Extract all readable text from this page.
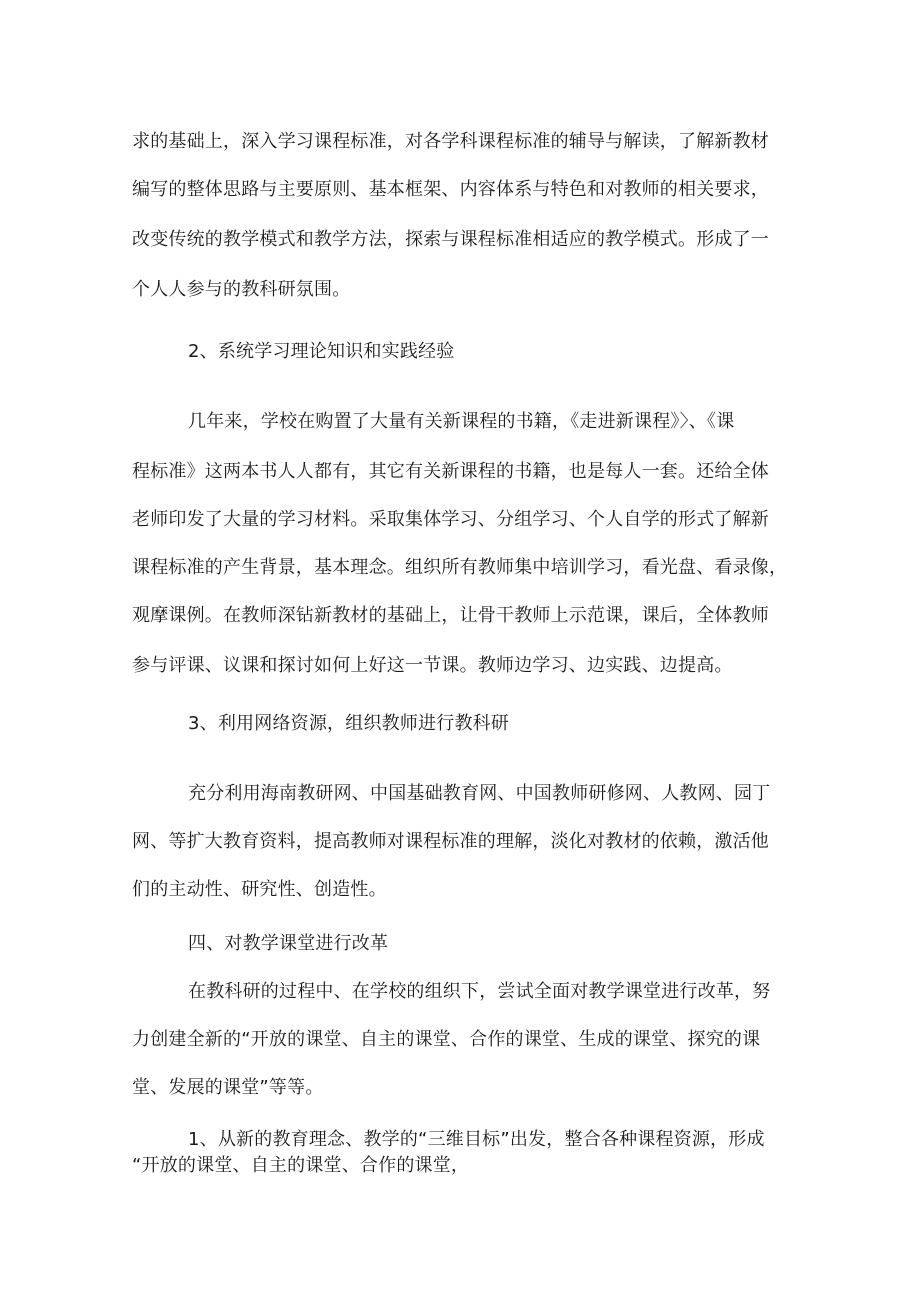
求的基础上，深入学习课程标准，对各学科课程标准的辅导与解读，了解新教材
编写的整体思路与主要原则、基本框架、内容体系与特色和对教师的相关要求，
改变传统的教学模式和教学方法，探索与课程标准相适应的教学模式。形成了一
个人人参与的教科研氛围。
2、系统学习理论知识和实践经验
几年来，学校在购置了大量有关新课程的书籍，《走进新课程》〉、《课
程标准》这两本书人人都有，其它有关新课程的书籍，也是每人一套。还给全体
老师印发了大量的学习材料。采取集体学习、分组学习、个人自学的形式了解新
课程标准的产生背景，基本理念。组织所有教师集中培训学习，看光盘、看录像，
观摩课例。在教师深钻新教材的基础上，让骨干教师上示范课，课后，全体教师
参与评课、议课和探讨如何上好这一节课。教师边学习、边实践、边提高。
3、利用网络资源，组织教师进行教科研
充分利用海南教研网、中国基础教育网、中国教师研修网、人教网、园丁
网、等扩大教育资料，提高教师对课程标准的理解，淡化对教材的依赖，激活他
们的主动性、研究性、创造性。
四、对教学课堂进行改革
在教科研的过程中、在学校的组织下，尝试全面对教学课堂进行改革，努
力创建全新的“开放的课堂、自主的课堂、合作的课堂、生成的课堂、探究的课
堂、发展的课堂”等等。
1、从新的教育理念、教学的“三维目标”出发，整合各种课程资源，形成
“开放的课堂、自主的课堂、合作的课堂，
